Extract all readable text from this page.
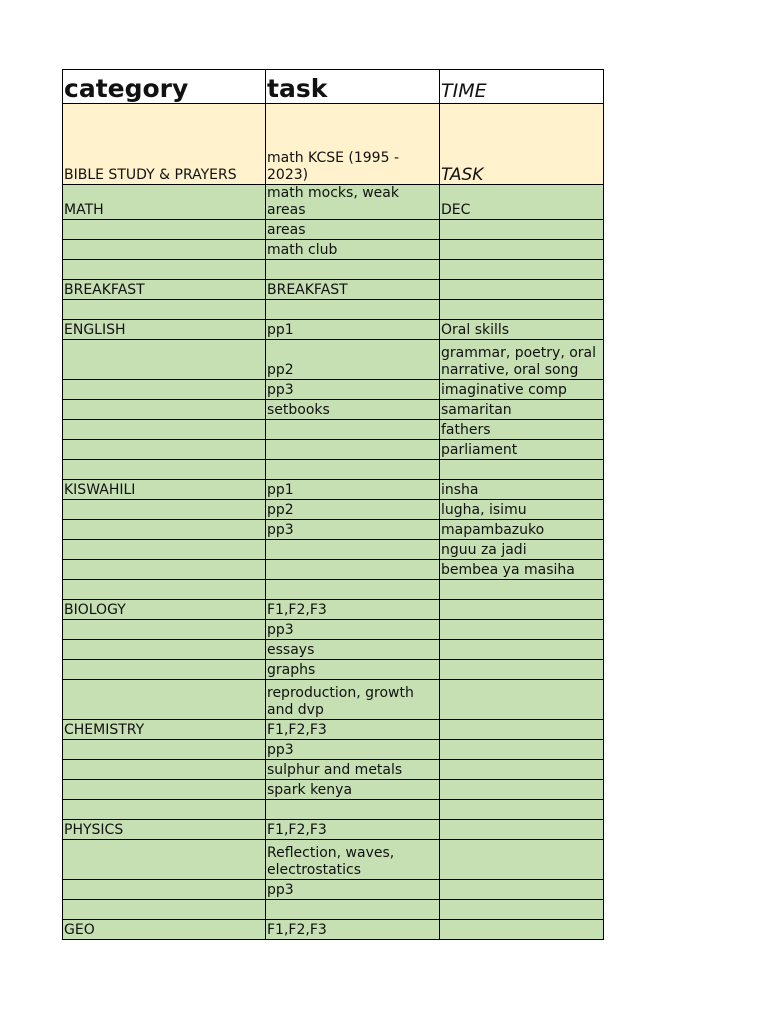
category	task	TIME
BIBLE STUDY & PRAYERS	math KCSE (1995 - 2023)	TASK
MATH	math mocks, weak areas	DEC
	areas	
	math club	

BREAKFAST	BREAKFAST	

ENGLISH	pp1	Oral skills
	pp2	grammar, poetry, oral narrative, oral song
	pp3	imaginative comp
	setbooks	samaritan
		fathers
		parliament

KISWAHILI	pp1	insha
	pp2	lugha, isimu
	pp3	mapambazuko
		nguu za jadi
		bembea ya masiha

BIOLOGY	F1,F2,F3	
	pp3	
	essays	
	graphs	
	reproduction, growth and dvp	
CHEMISTRY	F1,F2,F3	
	pp3	
	sulphur and metals	
	spark kenya	

PHYSICS	F1,F2,F3	
	Reflection, waves, electrostatics	
	pp3	

GEO	F1,F2,F3	
